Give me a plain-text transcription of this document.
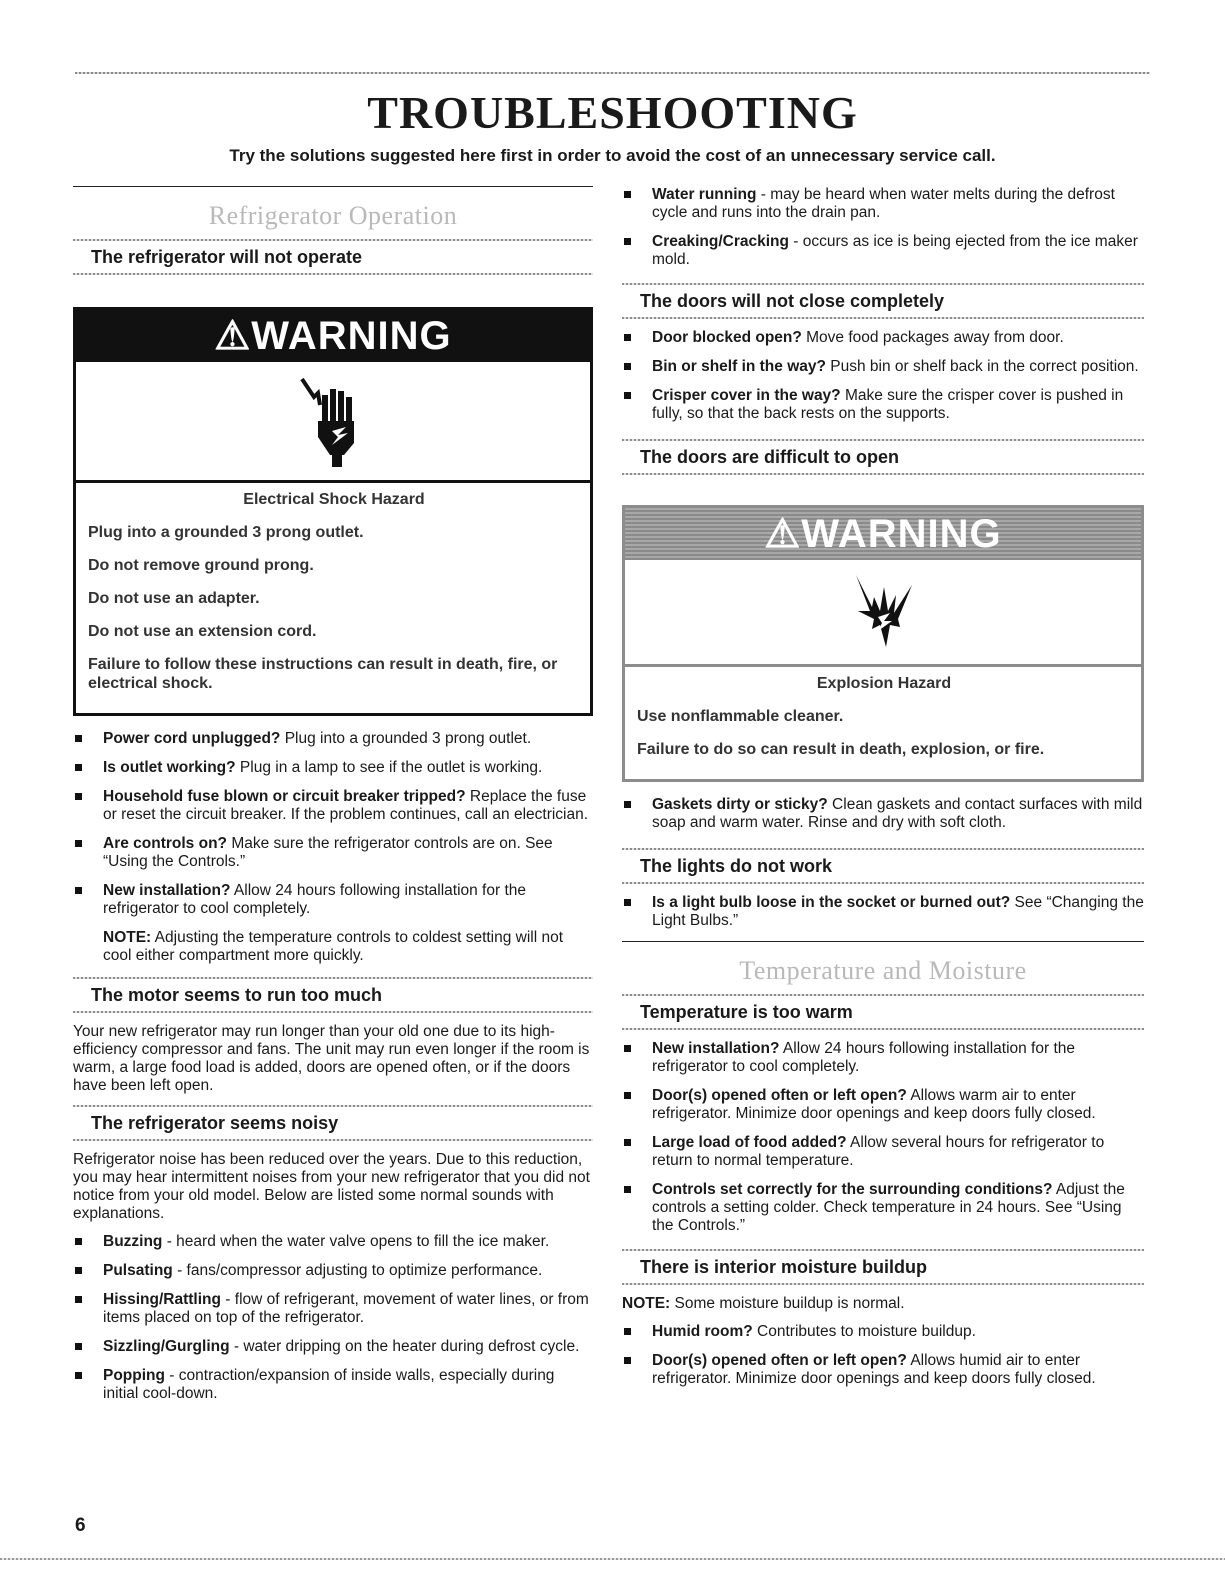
TROUBLESHOOTING
Try the solutions suggested here first in order to avoid the cost of an unnecessary service call.
Refrigerator Operation
The refrigerator will not operate
⚠WARNING
Electrical Shock Hazard
Plug into a grounded 3 prong outlet.
Do not remove ground prong.
Do not use an adapter.
Do not use an extension cord.
Failure to follow these instructions can result in death, fire, or electrical shock.
Power cord unplugged? Plug into a grounded 3 prong outlet.
Is outlet working? Plug in a lamp to see if the outlet is working.
Household fuse blown or circuit breaker tripped? Replace the fuse or reset the circuit breaker. If the problem continues, call an electrician.
Are controls on? Make sure the refrigerator controls are on. See “Using the Controls.”
New installation? Allow 24 hours following installation for the refrigerator to cool completely.

NOTE: Adjusting the temperature controls to coldest setting will not cool either compartment more quickly.

The motor seems to run too much

Your new refrigerator may run longer than your old one due to its high-efficiency compressor and fans. The unit may run even longer if the room is warm, a large food load is added, doors are opened often, or if the doors have been left open.

The refrigerator seems noisy

Refrigerator noise has been reduced over the years. Due to this reduction, you may hear intermittent noises from your new refrigerator that you did not notice from your old model. Below are listed some normal sounds with explanations.

Buzzing - heard when the water valve opens to fill the ice maker.
Pulsating - fans/compressor adjusting to optimize performance.
Hissing/Rattling - flow of refrigerant, movement of water lines, or from items placed on top of the refrigerator.
Sizzling/Gurgling - water dripping on the heater during defrost cycle.
Popping - contraction/expansion of inside walls, especially during initial cool-down.
Water running - may be heard when water melts during the defrost cycle and runs into the drain pan.
Creaking/Cracking - occurs as ice is being ejected from the ice maker mold.
The doors will not close completely
Door blocked open? Move food packages away from door.
Bin or shelf in the way? Push bin or shelf back in the correct position.
Crisper cover in the way? Make sure the crisper cover is pushed in fully, so that the back rests on the supports.
The doors are difficult to open
⚠WARNING
Explosion Hazard
Use nonflammable cleaner.
Failure to do so can result in death, explosion, or fire.
Gaskets dirty or sticky? Clean gaskets and contact surfaces with mild soap and warm water. Rinse and dry with soft cloth.
The lights do not work
Is a light bulb loose in the socket or burned out? See “Changing the Light Bulbs.”
Temperature and Moisture
Temperature is too warm
New installation? Allow 24 hours following installation for the refrigerator to cool completely.
Door(s) opened often or left open? Allows warm air to enter refrigerator. Minimize door openings and keep doors fully closed.
Large load of food added? Allow several hours for refrigerator to return to normal temperature.
Controls set correctly for the surrounding conditions? Adjust the controls a setting colder. Check temperature in 24 hours. See “Using the Controls.”
There is interior moisture buildup

NOTE: Some moisture buildup is normal.

Humid room? Contributes to moisture buildup.
Door(s) opened often or left open? Allows humid air to enter refrigerator. Minimize door openings and keep doors fully closed.
6
